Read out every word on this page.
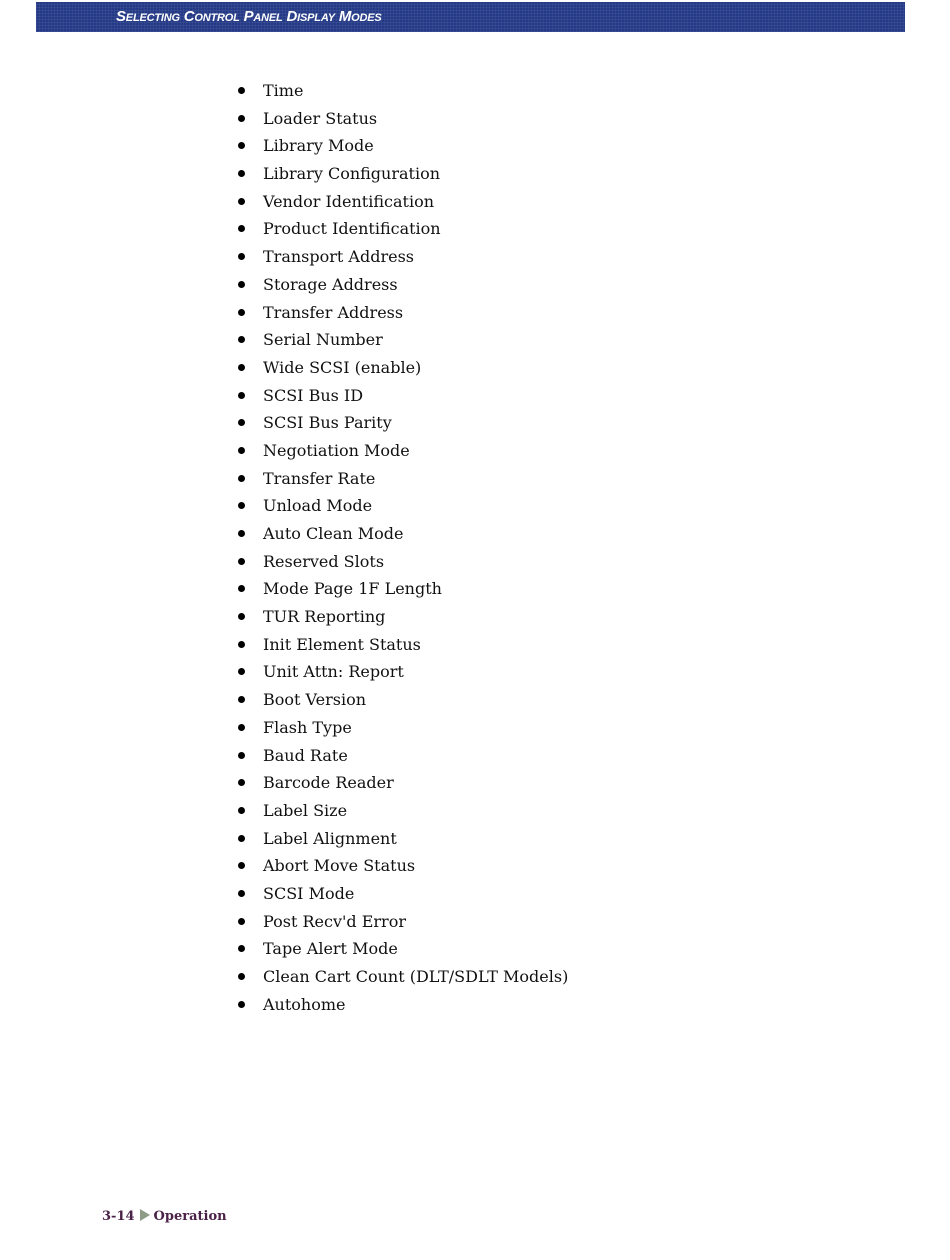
Selecting Control Panel Display Modes
Time
Loader Status
Library Mode
Library Configuration
Vendor Identification
Product Identification
Transport Address
Storage Address
Transfer Address
Serial Number
Wide SCSI (enable)
SCSI Bus ID
SCSI Bus Parity
Negotiation Mode
Transfer Rate
Unload Mode
Auto Clean Mode
Reserved Slots
Mode Page 1F Length
TUR Reporting
Init Element Status
Unit Attn: Report
Boot Version
Flash Type
Baud Rate
Barcode Reader
Label Size
Label Alignment
Abort Move Status
SCSI Mode
Post Recv'd Error
Tape Alert Mode
Clean Cart Count (DLT/SDLT Models)
Autohome
3-14 Operation
